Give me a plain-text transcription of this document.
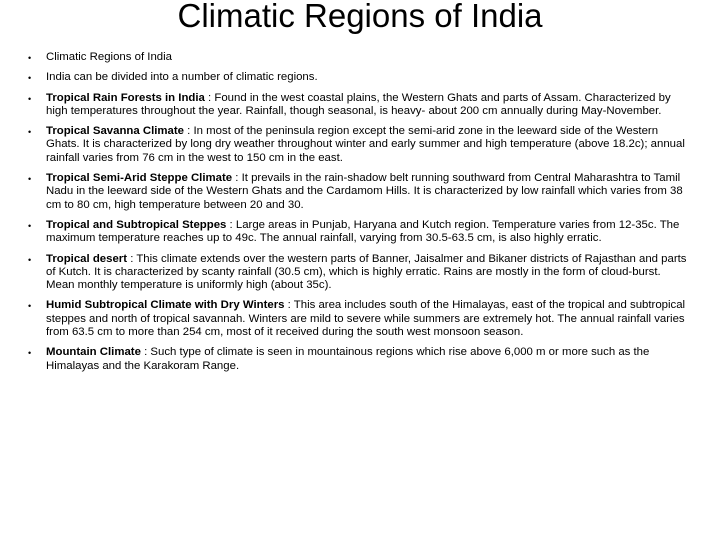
Climatic Regions of India
• Climatic Regions of India
• India can be divided into a number of climatic regions.
• Tropical Rain Forests in India : Found in the west coastal plains, the Western Ghats and parts of Assam. Characterized by high temperatures throughout the year. Rainfall, though seasonal, is heavy- about 200 cm annually during May-November.
• Tropical Savanna Climate : In most of the peninsula region except the semi-arid zone in the leeward side of the Western Ghats. It is characterized by long dry weather throughout winter and early summer and high temperature (above 18.2c); annual rainfall varies from 76 cm in the west to 150 cm in the east.
• Tropical Semi-Arid Steppe Climate : It prevails in the rain-shadow belt running southward from Central Maharashtra to Tamil Nadu in the leeward side of the Western Ghats and the Cardamom Hills. It is characterized by low rainfall which varies from 38 cm to 80 cm, high temperature between 20 and 30.
• Tropical and Subtropical Steppes : Large areas in Punjab, Haryana and Kutch region. Temperature varies from 12-35c. The maximum temperature reaches up to 49c. The annual rainfall, varying from 30.5-63.5 cm, is also highly erratic.
• Tropical desert : This climate extends over the western parts of Banner, Jaisalmer and Bikaner districts of Rajasthan and parts of Kutch. It is characterized by scanty rainfall (30.5 cm), which is highly erratic. Rains are mostly in the form of cloud-burst. Mean monthly temperature is uniformly high (about 35c).
• Humid Subtropical Climate with Dry Winters : This area includes south of the Himalayas, east of the tropical and subtropical steppes and north of tropical savannah. Winters are mild to severe while summers are extremely hot. The annual rainfall varies from 63.5 cm to more than 254 cm, most of it received during the south west monsoon season.
• Mountain Climate : Such type of climate is seen in mountainous regions which rise above 6,000 m or more such as the Himalayas and the Karakoram Range.
